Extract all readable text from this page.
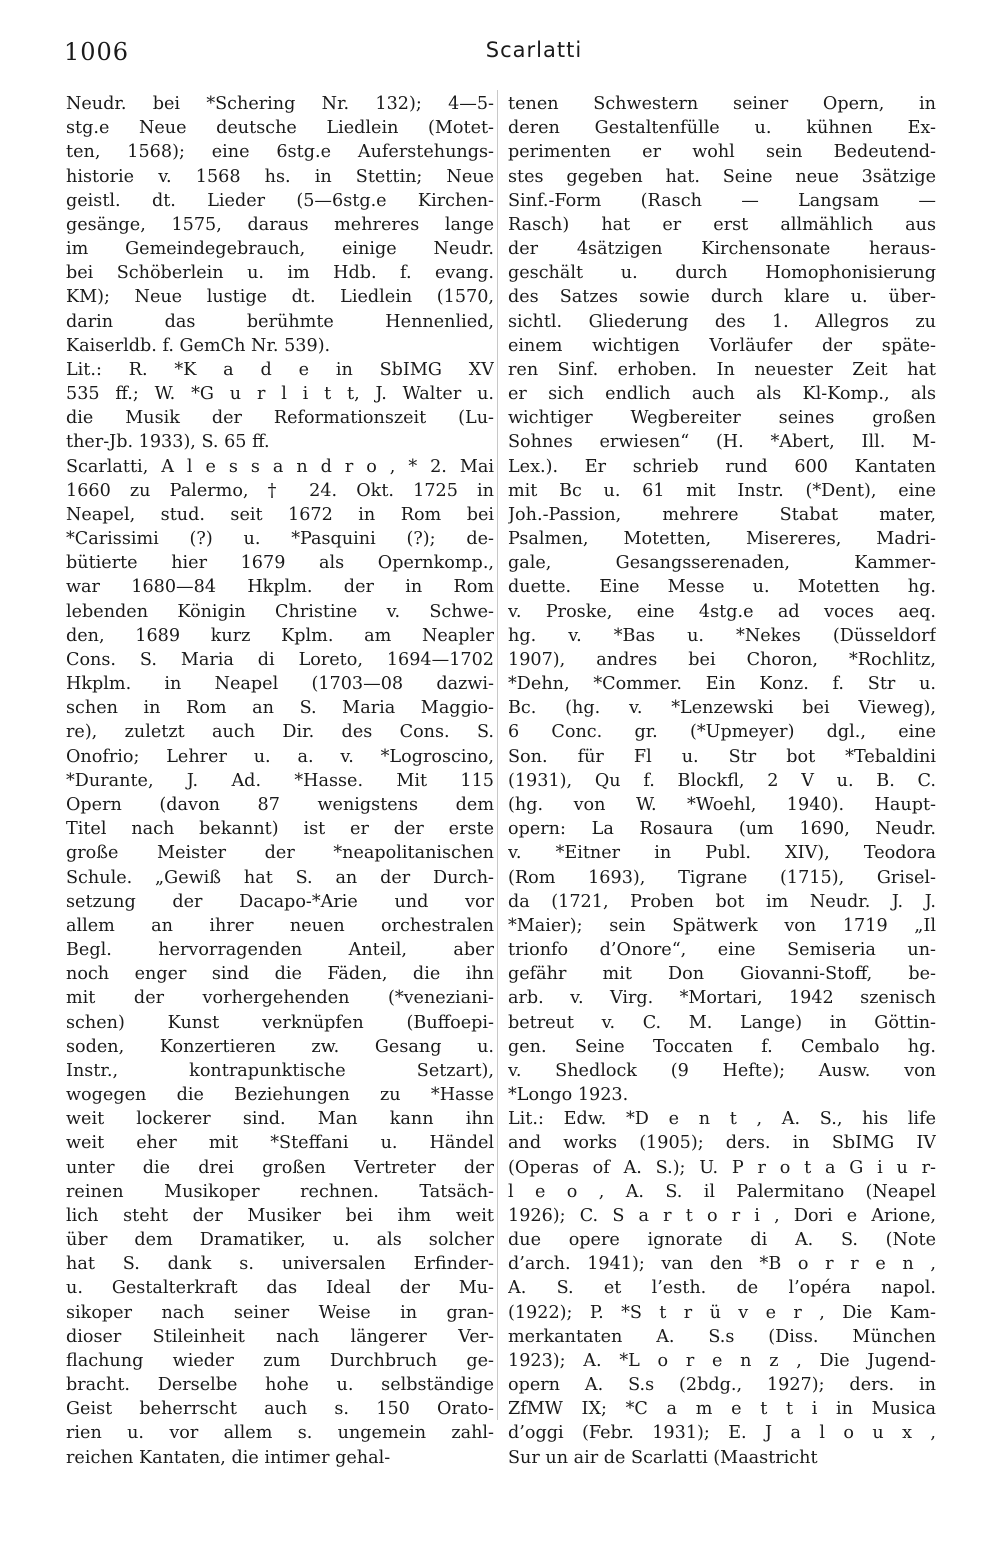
1006	Scarlatti
Neudr. bei *Schering Nr. 132); 4—5-
stg.e Neue deutsche Liedlein (Motet-
ten, 1568); eine 6stg.e Auferstehungs-
historie v. 1568 hs. in Stettin; Neue
geistl. dt. Lieder (5—6stg.e Kirchen-
gesänge, 1575, daraus mehreres lange
im Gemeindegebrauch, einige Neudr.
bei Schöberlein u. im Hdb. f. evang.
KM); Neue lustige dt. Liedlein (1570,
darin das berühmte Hennenlied,
Kaiserldb. f. GemCh Nr. 539).
Lit.: R. *K a d e in SbIMG XV
535 ff.; W. *G u r l i t t, J. Walter u.
die Musik der Reformationszeit (Lu-
ther-Jb. 1933), S. 65 ff.
Scarlatti, A l e s s a n d r o , * 2. Mai
1660 zu Palermo, † 24. Okt. 1725 in
Neapel, stud. seit 1672 in Rom bei
*Carissimi (?) u. *Pasquini (?); de-
bütierte hier 1679 als Opernkomp.,
war 1680—84 Hkplm. der in Rom
lebenden Königin Christine v. Schwe-
den, 1689 kurz Kplm. am Neapler
Cons. S. Maria di Loreto, 1694—1702
Hkplm. in Neapel (1703—08 dazwi-
schen in Rom an S. Maria Maggio-
re), zuletzt auch Dir. des Cons. S.
Onofrio; Lehrer u. a. v. *Logroscino,
*Durante, J. Ad. *Hasse. Mit 115
Opern (davon 87 wenigstens dem
Titel nach bekannt) ist er der erste
große Meister der *neapolitanischen
Schule. „Gewiß hat S. an der Durch-
setzung der Dacapo-*Arie und vor
allem an ihrer neuen orchestralen
Begl. hervorragenden Anteil, aber
noch enger sind die Fäden, die ihn
mit der vorhergehenden (*veneziani-
schen) Kunst verknüpfen (Buffoepi-
soden, Konzertieren zw. Gesang u.
Instr., kontrapunktische Setzart),
wogegen die Beziehungen zu *Hasse
weit lockerer sind. Man kann ihn
weit eher mit *Steffani u. Händel
unter die drei großen Vertreter der
reinen Musikoper rechnen. Tatsäch-
lich steht der Musiker bei ihm weit
über dem Dramatiker, u. als solcher
hat S. dank s. universalen Erfinder-
u. Gestalterkraft das Ideal der Mu-
sikoper nach seiner Weise in gran-
dioser Stileinheit nach längerer Ver-
flachung wieder zum Durchbruch ge-
bracht. Derselbe hohe u. selbständige
Geist beherrscht auch s. 150 Orato-
rien u. vor allem s. ungemein zahl-
reichen Kantaten, die intimer gehal-
tenen Schwestern seiner Opern, in
deren Gestaltenfülle u. kühnen Ex-
perimenten er wohl sein Bedeutend-
stes gegeben hat. Seine neue 3sätzige
Sinf.-Form (Rasch — Langsam —
Rasch) hat er erst allmählich aus
der 4sätzigen Kirchensonate heraus-
geschält u. durch Homophonisierung
des Satzes sowie durch klare u. über-
sichtl. Gliederung des 1. Allegros zu
einem wichtigen Vorläufer der späte-
ren Sinf. erhoben. In neuester Zeit hat
er sich endlich auch als Kl-Komp., als
wichtiger Wegbereiter seines großen
Sohnes erwiesen“ (H. *Abert, Ill. M-
Lex.). Er schrieb rund 600 Kantaten
mit Bc u. 61 mit Instr. (*Dent), eine
Joh.-Passion, mehrere Stabat mater,
Psalmen, Motetten, Misereres, Madri-
gale, Gesangsserenaden, Kammer-
duette. Eine Messe u. Motetten hg.
v. Proske, eine 4stg.e ad voces aeq.
hg. v. *Bas u. *Nekes (Düsseldorf
1907), andres bei Choron, *Rochlitz,
*Dehn, *Commer. Ein Konz. f. Str u.
Bc. (hg. v. *Lenzewski bei Vieweg),
6 Conc. gr. (*Upmeyer) dgl., eine
Son. für Fl u. Str bot *Tebaldini
(1931), Qu f. Blockfl, 2 V u. B. C.
(hg. von W. *Woehl, 1940). Haupt-
opern: La Rosaura (um 1690, Neudr.
v. *Eitner in Publ. XIV), Teodora
(Rom 1693), Tigrane (1715), Grisel-
da (1721, Proben bot im Neudr. J. J.
*Maier); sein Spätwerk von 1719 „Il
trionfo d’Onore“, eine Semiseria un-
gefähr mit Don Giovanni-Stoff, be-
arb. v. Virg. *Mortari, 1942 szenisch
betreut v. C. M. Lange) in Göttin-
gen. Seine Toccaten f. Cembalo hg.
v. Shedlock (9 Hefte); Ausw. von
*Longo 1923.
Lit.: Edw. *D e n t , A. S., his life
and works (1905); ders. in SbIMG IV
(Operas of A. S.); U. P r o t a G i u r-
l e o , A. S. il Palermitano (Neapel
1926); C. S a r t o r i , Dori e Arione,
due opere ignorate di A. S. (Note
d’arch. 1941); van den *B o r r e n ,
A. S. et l’esth. de l’opéra napol.
(1922); P. *S t r ü v e r , Die Kam-
merkantaten A. S.s (Diss. München
1923); A. *L o r e n z , Die Jugend-
opern A. S.s (2bdg., 1927); ders. in
ZfMW IX; *C a m e t t i in Musica
d’oggi (Febr. 1931); E. J a l o u x ,
Sur un air de Scarlatti (Maastricht
